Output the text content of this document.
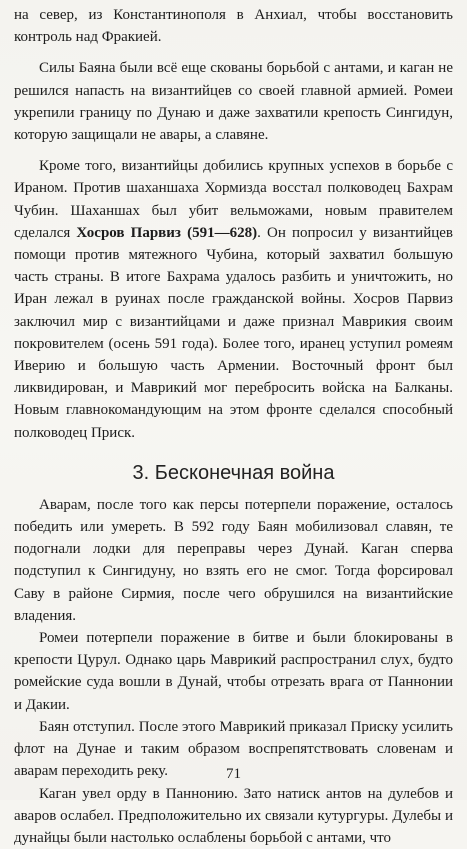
на север, из Константинополя в Анхиал, чтобы восстановить контроль над Фракией.

Силы Баяна были всё еще скованы борьбой с антами, и каган не решился напасть на византийцев со своей главной армией. Ромеи укрепили границу по Дунаю и даже захватили крепость Сингидун, которую защищали не авары, а славяне.

Кроме того, византийцы добились крупных успехов в борьбе с Ираном. Против шаханшаха Хормизда восстал полководец Бахрам Чубин. Шаханшах был убит вельможами, новым правителем сделался Хосров Парвиз (591—628). Он попросил у византийцев помощи против мятежного Чубина, который захватил большую часть страны. В итоге Бахрама удалось разбить и уничтожить, но Иран лежал в руинах после гражданской войны. Хосров Парвиз заключил мир с византийцами и даже признал Маврикия своим покровителем (осень 591 года). Более того, иранец уступил ромеям Иверию и большую часть Армении. Восточный фронт был ликвидирован, и Маврикий мог перебросить войска на Балканы. Новым главнокомандующим на этом фронте сделался способный полководец Приск.

3. Бесконечная война

Аварам, после того как персы потерпели поражение, осталось победить или умереть. В 592 году Баян мобилизовал славян, те подогнали лодки для переправы через Дунай. Каган сперва подступил к Сингидуну, но взять его не смог. Тогда форсировал Саву в районе Сирмия, после чего обрушился на византийские владения.

Ромеи потерпели поражение в битве и были блокированы в крепости Цурул. Однако царь Маврикий распространил слух, будто ромейские суда вошли в Дунай, чтобы отрезать врага от Паннонии и Дакии.

Баян отступил. После этого Маврикий приказал Приску усилить флот на Дунае и таким образом воспрепятствовать словенам и аварам переходить реку.

Каган увел орду в Паннонию. Зато натиск антов на дулебов и аваров ослабел. Предположительно их связали кутургуры. Дулебы и дунайцы были настолько ослаблены борьбой с антами, что

71
